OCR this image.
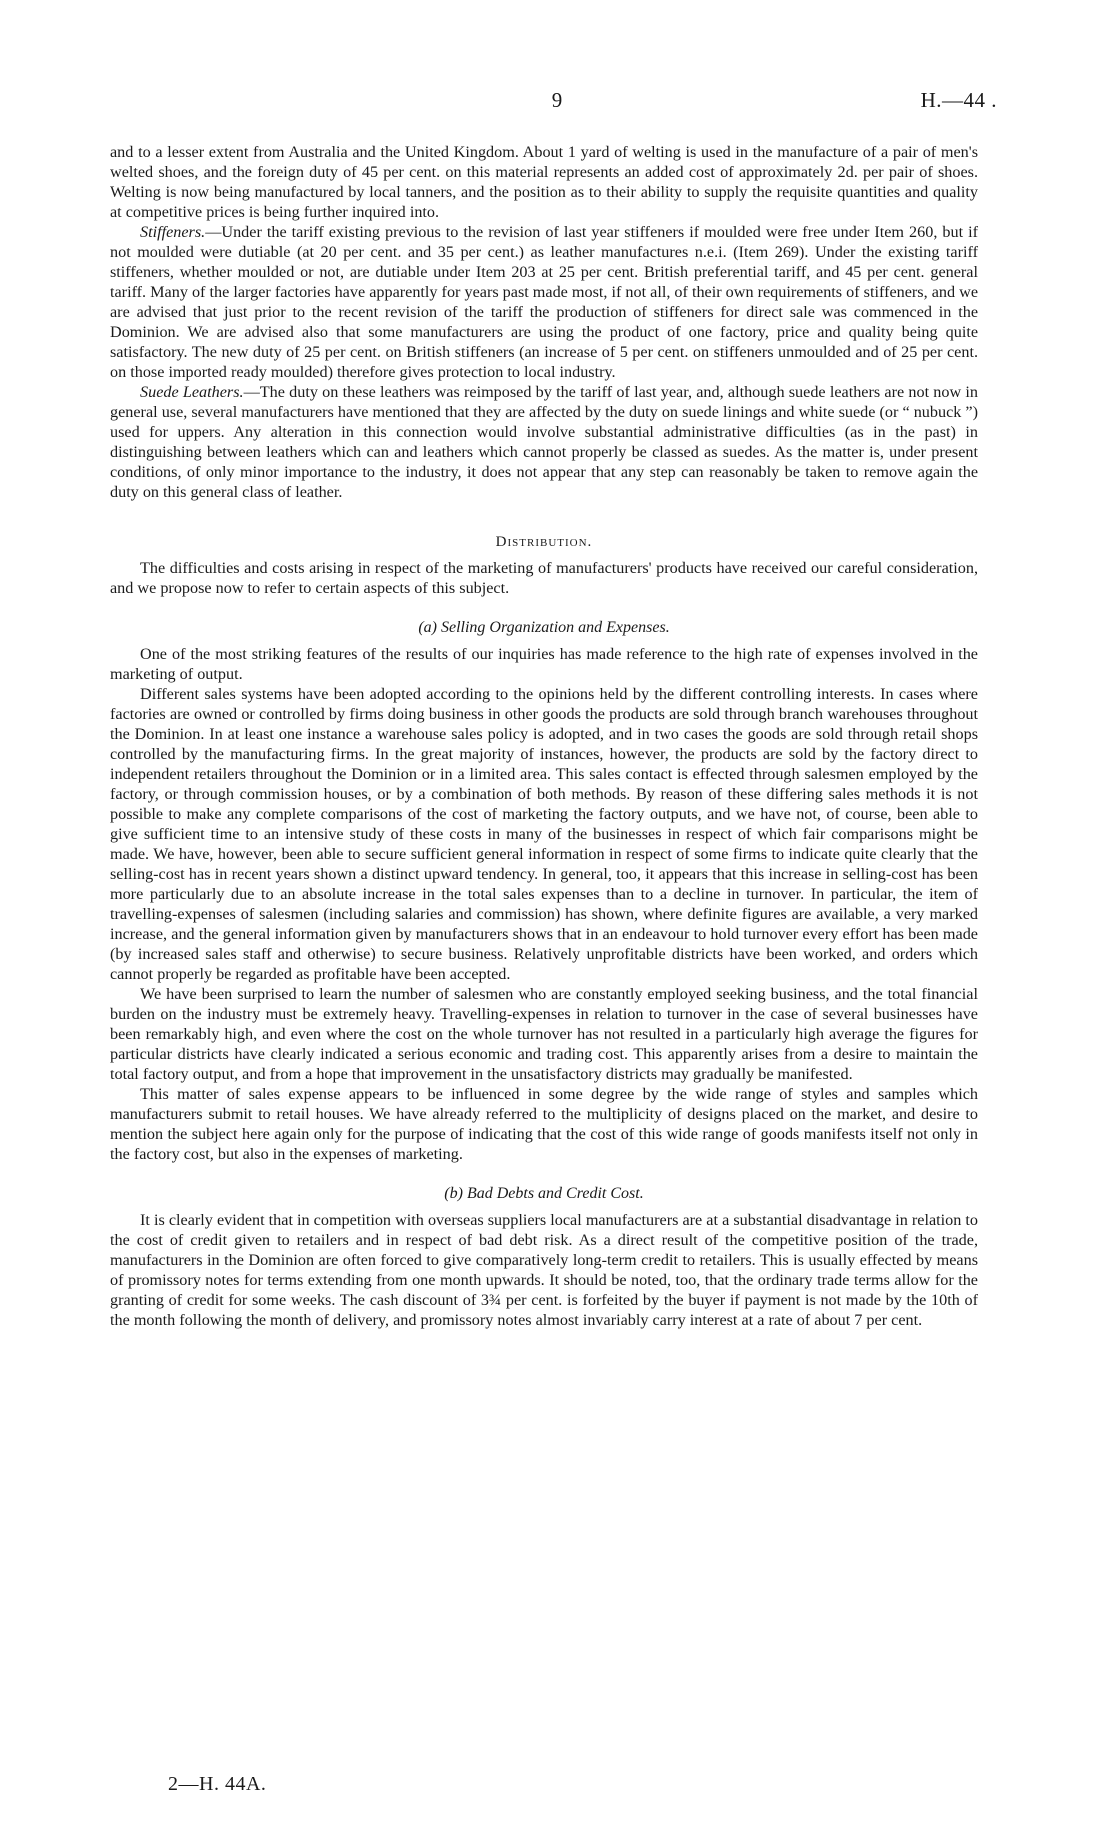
9	H.—44 .

and to a lesser extent from Australia and the United Kingdom. About 1 yard of welting is used in the manufacture of a pair of men's welted shoes, and the foreign duty of 45 per cent. on this material represents an added cost of approximately 2d. per pair of shoes. Welting is now being manufactured by local tanners, and the position as to their ability to supply the requisite quantities and quality at competitive prices is being further inquired into.

Stiffeners.—Under the tariff existing previous to the revision of last year stiffeners if moulded were free under Item 260, but if not moulded were dutiable (at 20 per cent. and 35 per cent.) as leather manufactures n.e.i. (Item 269). Under the existing tariff stiffeners, whether moulded or not, are dutiable under Item 203 at 25 per cent. British preferential tariff, and 45 per cent. general tariff. Many of the larger factories have apparently for years past made most, if not all, of their own requirements of stiffeners, and we are advised that just prior to the recent revision of the tariff the production of stiffeners for direct sale was commenced in the Dominion. We are advised also that some manufacturers are using the product of one factory, price and quality being quite satisfactory. The new duty of 25 per cent. on British stiffeners (an increase of 5 per cent. on stiffeners unmoulded and of 25 per cent. on those imported ready moulded) therefore gives protection to local industry.

Suede Leathers.—The duty on these leathers was reimposed by the tariff of last year, and, although suede leathers are not now in general use, several manufacturers have mentioned that they are affected by the duty on suede linings and white suede (or “ nubuck ”) used for uppers. Any alteration in this connection would involve substantial administrative difficulties (as in the past) in distinguishing between leathers which can and leathers which cannot properly be classed as suedes. As the matter is, under present conditions, of only minor importance to the industry, it does not appear that any step can reasonably be taken to remove again the duty on this general class of leather.

Distribution.

The difficulties and costs arising in respect of the marketing of manufacturers' products have received our careful consideration, and we propose now to refer to certain aspects of this subject.

(a) Selling Organization and Expenses.

One of the most striking features of the results of our inquiries has made reference to the high rate of expenses involved in the marketing of output.

Different sales systems have been adopted according to the opinions held by the different controlling interests. In cases where factories are owned or controlled by firms doing business in other goods the products are sold through branch warehouses throughout the Dominion. In at least one instance a warehouse sales policy is adopted, and in two cases the goods are sold through retail shops controlled by the manufacturing firms. In the great majority of instances, however, the products are sold by the factory direct to independent retailers throughout the Dominion or in a limited area. This sales contact is effected through salesmen employed by the factory, or through commission houses, or by a combination of both methods. By reason of these differing sales methods it is not possible to make any complete comparisons of the cost of marketing the factory outputs, and we have not, of course, been able to give sufficient time to an intensive study of these costs in many of the businesses in respect of which fair comparisons might be made. We have, however, been able to secure sufficient general information in respect of some firms to indicate quite clearly that the selling-cost has in recent years shown a distinct upward tendency. In general, too, it appears that this increase in selling-cost has been more particularly due to an absolute increase in the total sales expenses than to a decline in turnover. In particular, the item of travelling-expenses of salesmen (including salaries and commission) has shown, where definite figures are available, a very marked increase, and the general information given by manufacturers shows that in an endeavour to hold turnover every effort has been made (by increased sales staff and otherwise) to secure business. Relatively unprofitable districts have been worked, and orders which cannot properly be regarded as profitable have been accepted.

We have been surprised to learn the number of salesmen who are constantly employed seeking business, and the total financial burden on the industry must be extremely heavy. Travelling-expenses in relation to turnover in the case of several businesses have been remarkably high, and even where the cost on the whole turnover has not resulted in a particularly high average the figures for particular districts have clearly indicated a serious economic and trading cost. This apparently arises from a desire to maintain the total factory output, and from a hope that improvement in the unsatisfactory districts may gradually be manifested.

This matter of sales expense appears to be influenced in some degree by the wide range of styles and samples which manufacturers submit to retail houses. We have already referred to the multiplicity of designs placed on the market, and desire to mention the subject here again only for the purpose of indicating that the cost of this wide range of goods manifests itself not only in the factory cost, but also in the expenses of marketing.

(b) Bad Debts and Credit Cost.

It is clearly evident that in competition with overseas suppliers local manufacturers are at a substantial disadvantage in relation to the cost of credit given to retailers and in respect of bad debt risk. As a direct result of the competitive position of the trade, manufacturers in the Dominion are often forced to give comparatively long-term credit to retailers. This is usually effected by means of promissory notes for terms extending from one month upwards. It should be noted, too, that the ordinary trade terms allow for the granting of credit for some weeks. The cash discount of 3¾ per cent. is forfeited by the buyer if payment is not made by the 10th of the month following the month of delivery, and promissory notes almost invariably carry interest at a rate of about 7 per cent.

2—H. 44A.
